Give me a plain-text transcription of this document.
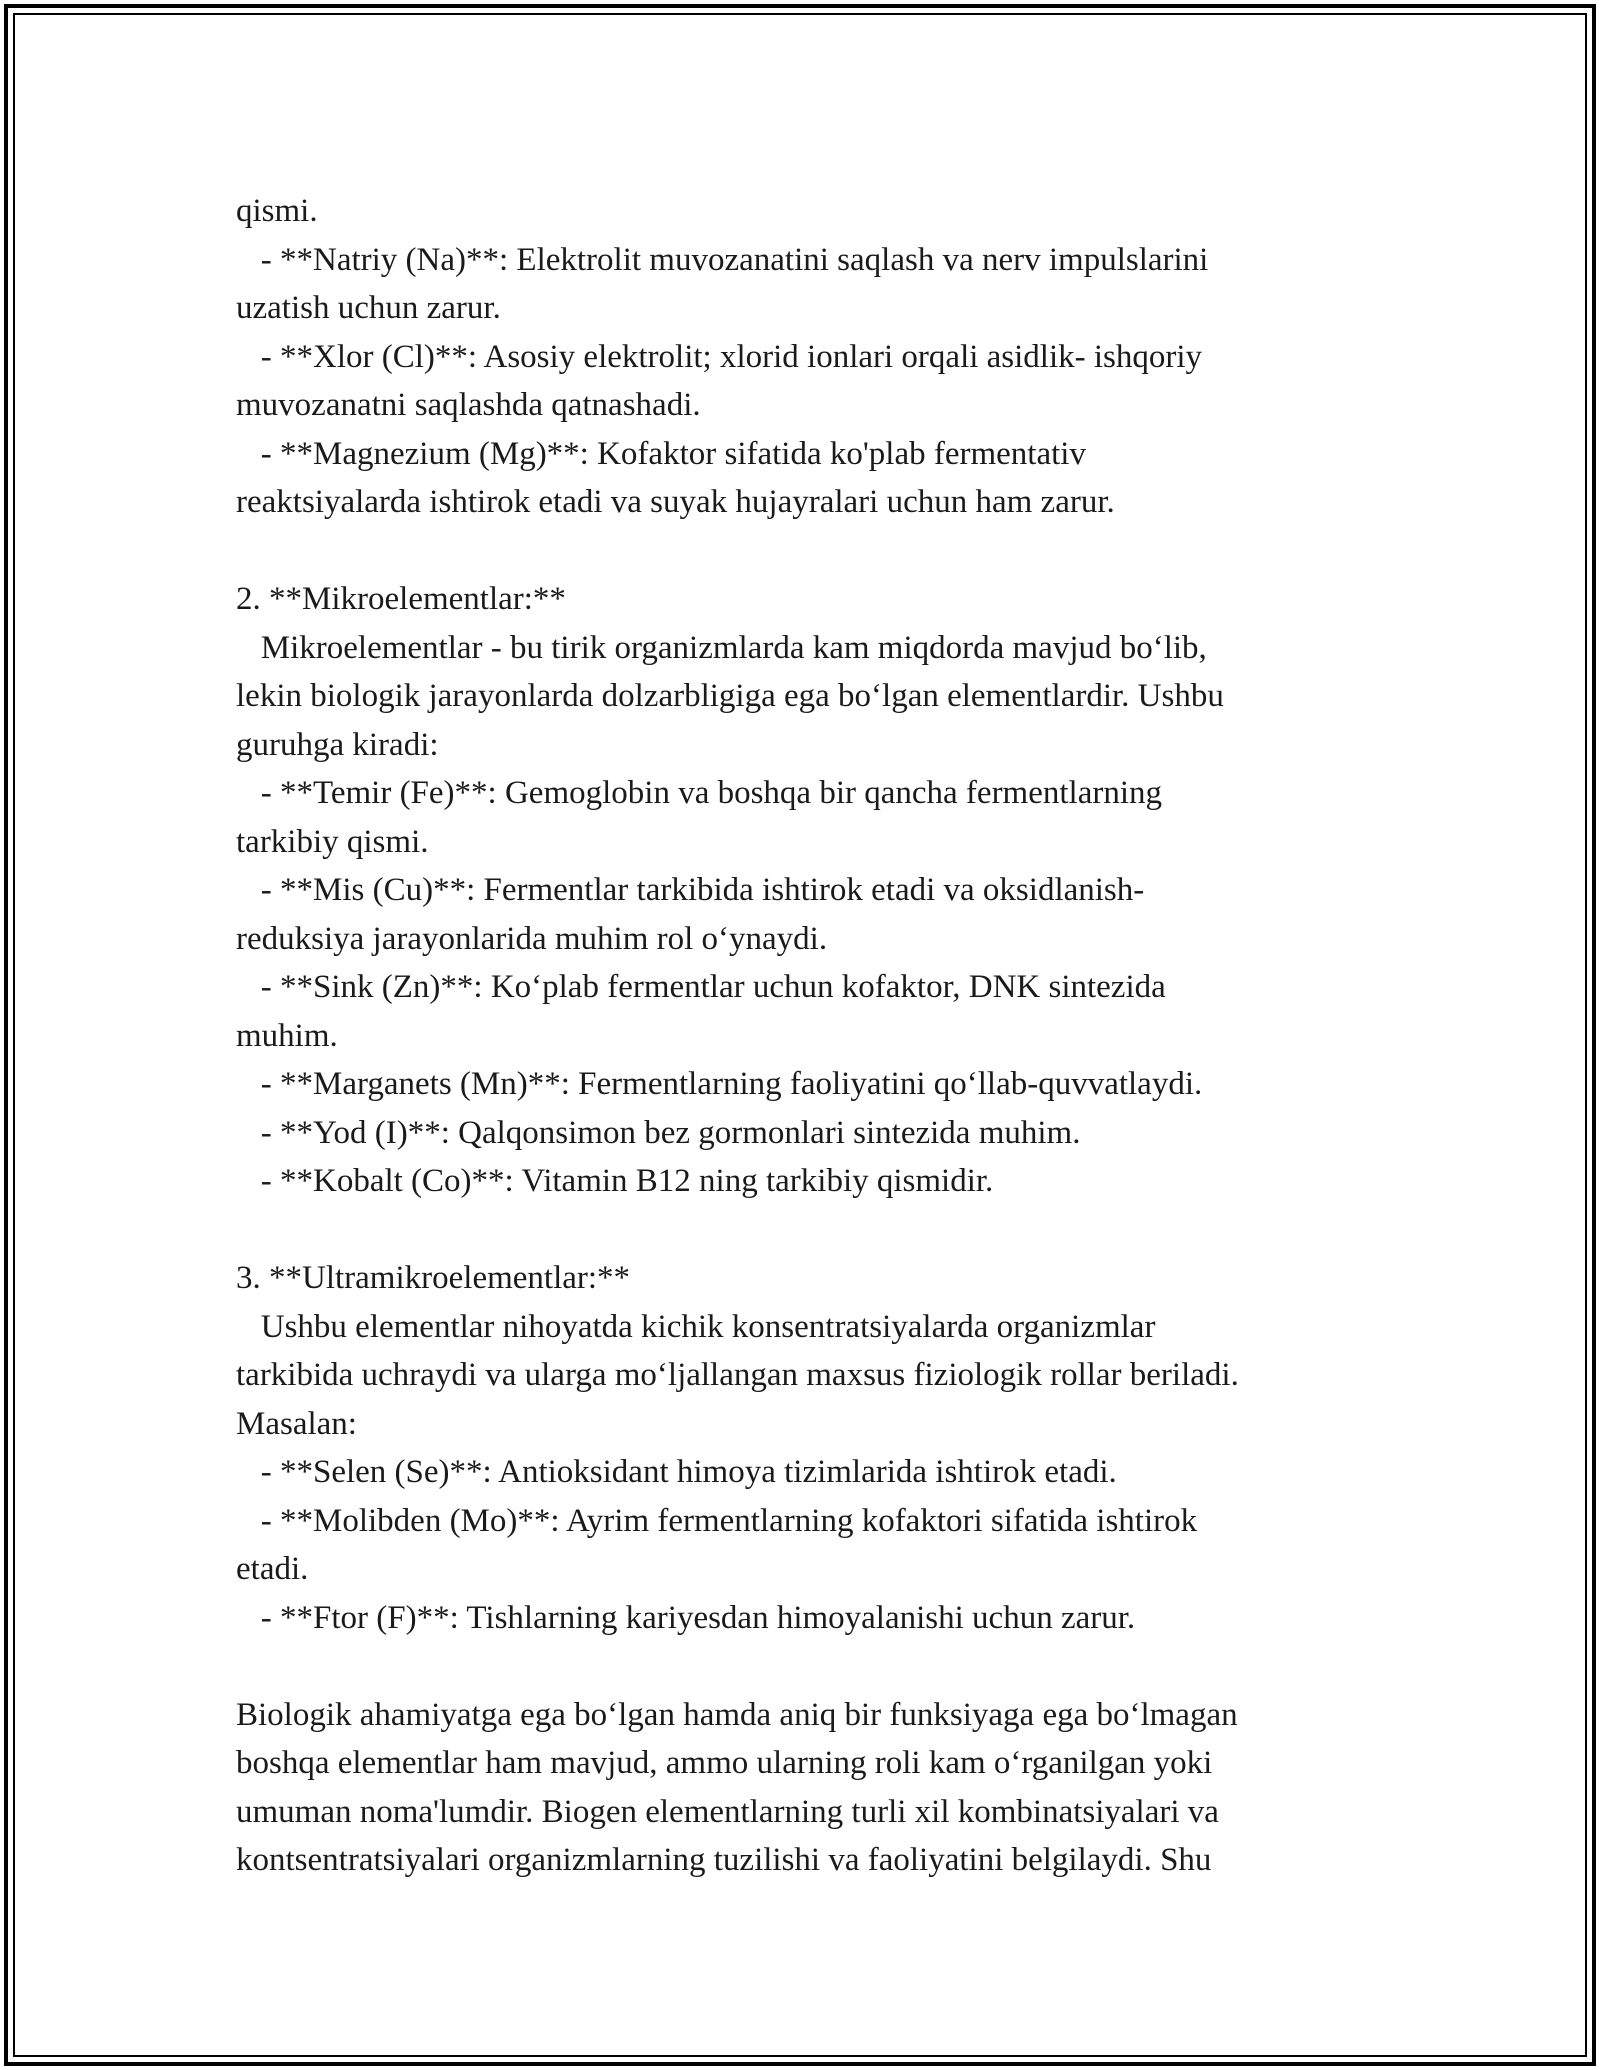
qismi.

- **Natriy (Na)**: Elektrolit muvozanatini saqlash va nerv impulslarini

uzatish uchun zarur.

- **Xlor (Cl)**: Asosiy elektrolit; xlorid ionlari orqali asidlik- ishqoriy

muvozanatni saqlashda qatnashadi.

- **Magnezium (Mg)**: Kofaktor sifatida ko'plab fermentativ

reaktsiyalarda ishtirok etadi va suyak hujayralari uchun ham zarur.

2. **Mikroelementlar:**

Mikroelementlar - bu tirik organizmlarda kam miqdorda mavjud bo‘lib,

lekin biologik jarayonlarda dolzarbligiga ega bo‘lgan elementlardir. Ushbu

guruhga kiradi:

- **Temir (Fe)**: Gemoglobin va boshqa bir qancha fermentlarning

tarkibiy qismi.

- **Mis (Cu)**: Fermentlar tarkibida ishtirok etadi va oksidlanish-

reduksiya jarayonlarida muhim rol o‘ynaydi.

- **Sink (Zn)**: Ko‘plab fermentlar uchun kofaktor, DNK sintezida

muhim.

- **Marganets (Mn)**: Fermentlarning faoliyatini qo‘llab-quvvatlaydi.

- **Yod (I)**: Qalqonsimon bez gormonlari sintezida muhim.

- **Kobalt (Co)**: Vitamin B12 ning tarkibiy qismidir.

3. **Ultramikroelementlar:**

Ushbu elementlar nihoyatda kichik konsentratsiyalarda organizmlar

tarkibida uchraydi va ularga mo‘ljallangan maxsus fiziologik rollar beriladi.

Masalan:

- **Selen (Se)**: Antioksidant himoya tizimlarida ishtirok etadi.

- **Molibden (Mo)**: Ayrim fermentlarning kofaktori sifatida ishtirok

etadi.

- **Ftor (F)**: Tishlarning kariyesdan himoyalanishi uchun zarur.

Biologik ahamiyatga ega bo‘lgan hamda aniq bir funksiyaga ega bo‘lmagan

boshqa elementlar ham mavjud, ammo ularning roli kam o‘rganilgan yoki

umuman noma'lumdir. Biogen elementlarning turli xil kombinatsiyalari va

kontsentratsiyalari organizmlarning tuzilishi va faoliyatini belgilaydi. Shu
